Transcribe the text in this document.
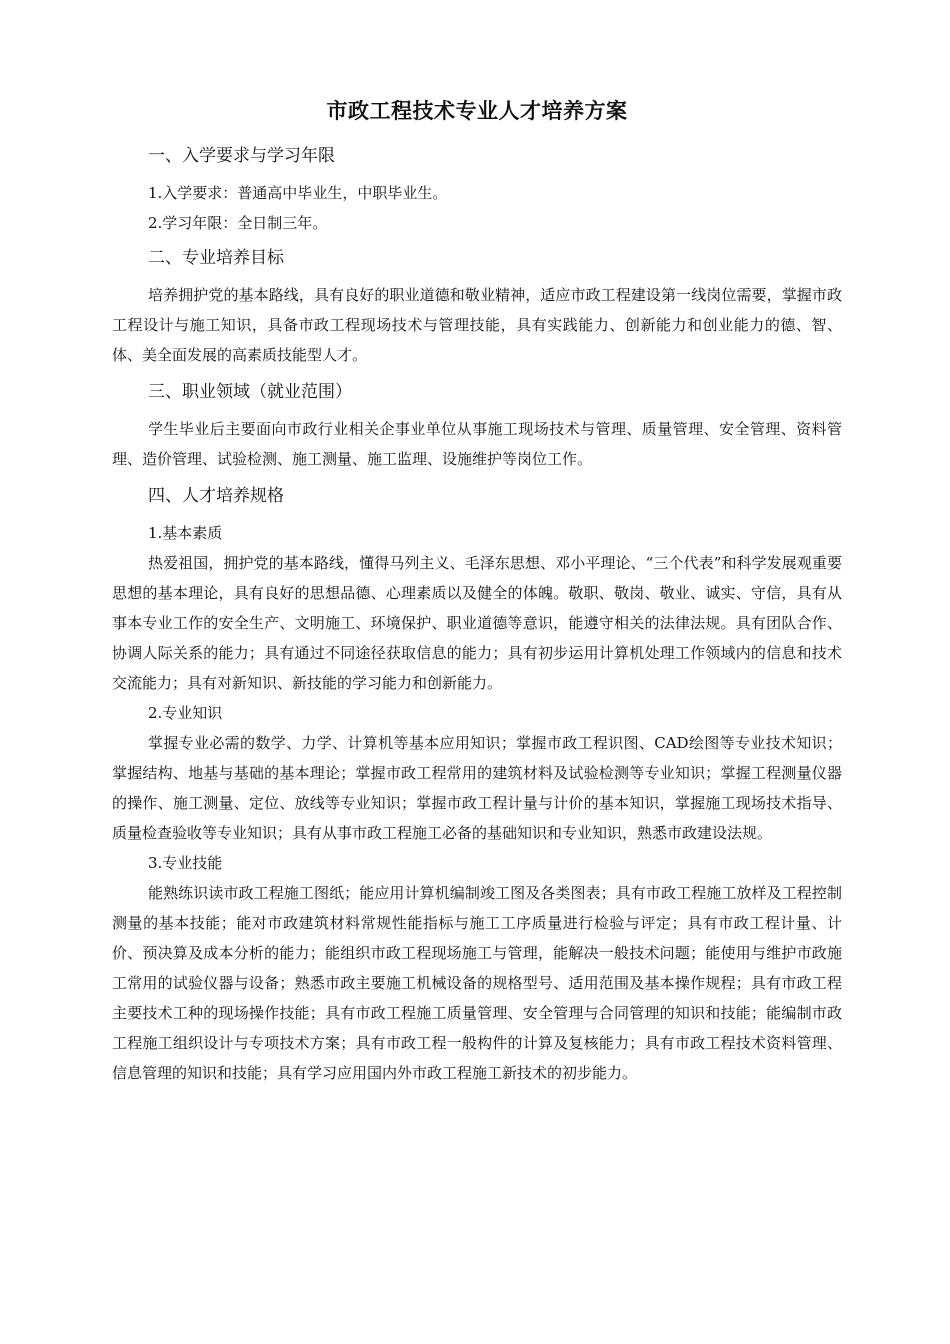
市政工程技术专业人才培养方案
一、入学要求与学习年限

1.入学要求：普通高中毕业生，中职毕业生。

2.学习年限：全日制三年。

二、专业培养目标

培养拥护党的基本路线，具有良好的职业道德和敬业精神，适应市政工程建设第一线岗位需要，掌握市政工程设计与施工知识，具备市政工程现场技术与管理技能，具有实践能力、创新能力和创业能力的德、智、体、美全面发展的高素质技能型人才。

三、职业领域（就业范围）

学生毕业后主要面向市政行业相关企事业单位从事施工现场技术与管理、质量管理、安全管理、资料管理、造价管理、试验检测、施工测量、施工监理、设施维护等岗位工作。

四、人才培养规格

1.基本素质

热爱祖国，拥护党的基本路线，懂得马列主义、毛泽东思想、邓小平理论、“三个代表”和科学发展观重要思想的基本理论，具有良好的思想品德、心理素质以及健全的体魄。敬职、敬岗、敬业、诚实、守信，具有从事本专业工作的安全生产、文明施工、环境保护、职业道德等意识，能遵守相关的法律法规。具有团队合作、协调人际关系的能力；具有通过不同途径获取信息的能力；具有初步运用计算机处理工作领域内的信息和技术交流能力；具有对新知识、新技能的学习能力和创新能力。

2.专业知识

掌握专业必需的数学、力学、计算机等基本应用知识；掌握市政工程识图、CAD绘图等专业技术知识；掌握结构、地基与基础的基本理论；掌握市政工程常用的建筑材料及试验检测等专业知识；掌握工程测量仪器的操作、施工测量、定位、放线等专业知识；掌握市政工程计量与计价的基本知识，掌握施工现场技术指导、质量检查验收等专业知识；具有从事市政工程施工必备的基础知识和专业知识，熟悉市政建设法规。

3.专业技能

能熟练识读市政工程施工图纸；能应用计算机编制竣工图及各类图表；具有市政工程施工放样及工程控制测量的基本技能；能对市政建筑材料常规性能指标与施工工序质量进行检验与评定；具有市政工程计量、计价、预决算及成本分析的能力；能组织市政工程现场施工与管理，能解决一般技术问题；能使用与维护市政施工常用的试验仪器与设备；熟悉市政主要施工机械设备的规格型号、适用范围及基本操作规程；具有市政工程主要技术工种的现场操作技能；具有市政工程施工质量管理、安全管理与合同管理的知识和技能；能编制市政工程施工组织设计与专项技术方案；具有市政工程一般构件的计算及复核能力；具有市政工程技术资料管理、信息管理的知识和技能；具有学习应用国内外市政工程施工新技术的初步能力。
